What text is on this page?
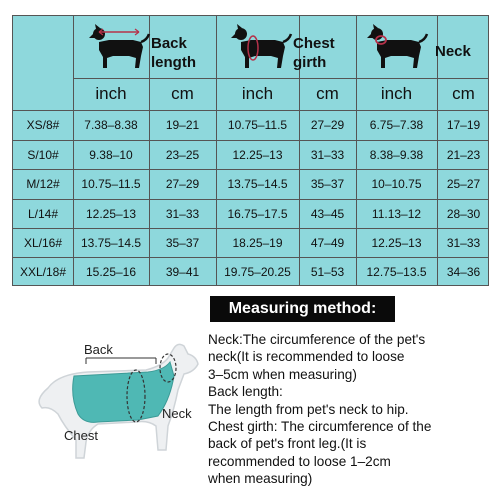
Back
length
Chest
girth
Neck
inch	cm	inch	cm	inch	cm
XS/8#	7.38–8.38	19–21	10.75–11.5	27–29	6.75–7.38	17–19
S/10#	9.38–10	23–25	12.25–13	31–33	8.38–9.38	21–23
M/12#	10.75–11.5	27–29	13.75–14.5	35–37	10–10.75	25–27
L/14#	12.25–13	31–33	16.75–17.5	43–45	11.13–12	28–30
XL/16#	13.75–14.5	35–37	18.25–19	47–49	12.25–13	31–33
XXL/18#	15.25–16	39–41	19.75–20.25	51–53	12.75–13.5	34–36
Measuring method:
Neck:The circumference of the pet's
neck(It is recommended to loose
3–5cm when measuring)
Back length:
The length from pet's neck to hip.
Chest girth: The circumference of the
back of pet's front leg.(It is
recommended to loose 1–2cm
when measuring)
Back
Neck
Chest
